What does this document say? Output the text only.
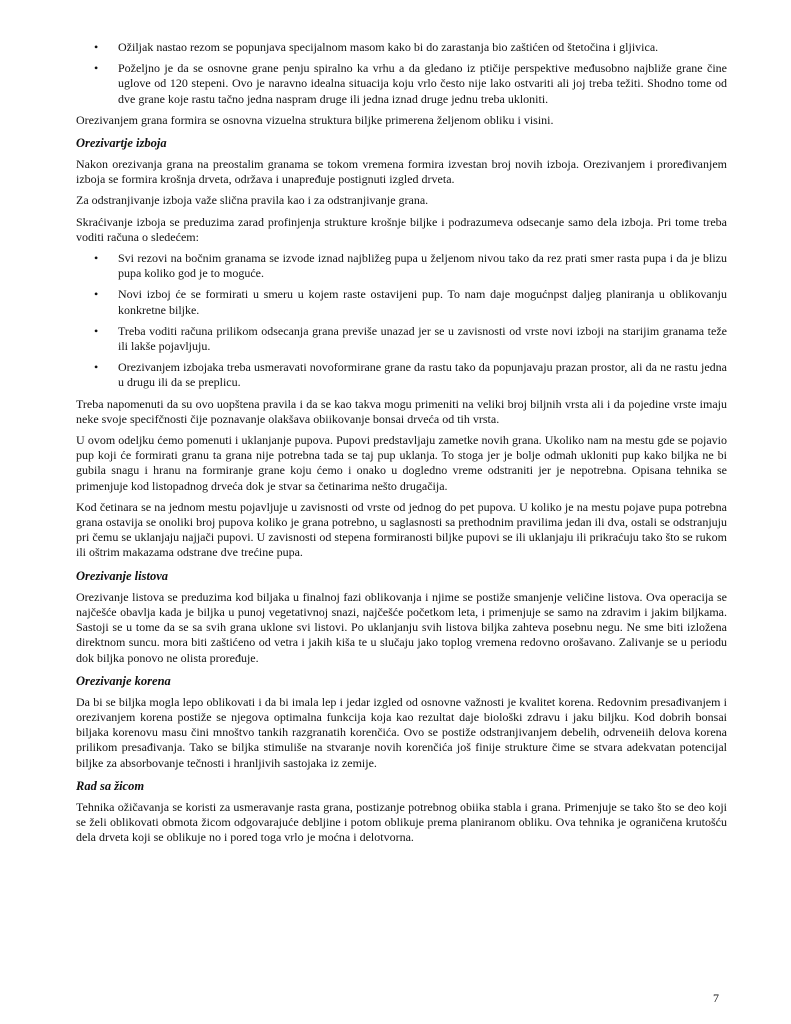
• Ožiljak nastao rezom se popunjava specijalnom masom kako bi do zarastanja bio zaštićen od štetočina i gljivica.
• Poželjno je da se osnovne grane penju spiralno ka vrhu a da gledano iz ptičije perspektive međusobno najbliže grane čine uglove od 120 stepeni. Ovo je naravno idealna situacija koju vrlo često nije lako ostvariti ali joj treba težiti. Shodno tome od dve grane koje rastu tačno jedna naspram druge ili jedna iznad druge jednu treba ukloniti.

Orezivanjem grana formira se osnovna vizuelna struktura biljke primerena željenom obliku i visini.

Orezivartje izboja

Nakon orezivanja grana na preostalim granama se tokom vremena formira izvestan broj novih izboja. Orezivanjem i proređivanjem izboja se formira krošnja drveta, održava i unapređuje postignuti izgled drveta.

Za odstranjivanje izboja važe slična pravila kao i za odstranjivanje grana.

Skraćivanje izboja se preduzima zarad profinjenja strukture krošnje biljke i podrazumeva odsecanje samo dela izboja. Pri tome treba voditi računa o sledećem:

• Svi rezovi na bočnim granama se izvode iznad najbližeg pupa u željenom nivou tako da rez prati smer rasta pupa i da je blizu pupa koliko god je to moguće.
• Novi izboj će se formirati u smeru u kojem raste ostavijeni pup. To nam daje mogućnpst daljeg planiranja u oblikovanju konkretne bilјke.
• Treba voditi računa prilikom odsecanja grana previše unazad jer se u zavisnosti od vrste novi izboji na starijim granama teže ili lakše pojavljuju.
• Orezivanjem izbojaka treba usmeravati novoformirane grane da rastu tako da popunjavaju prazan prostor, ali da ne rastu jedna u drugu ili da se preplicu.

Treba napomenuti da su ovo uopštena pravila i da se kao takva mogu primeniti na veliki broj biljnih vrsta ali i da pojedine vrste imaju neke svoje specifčnosti čije poznavanje olakšava obiikovanje bonsai drveća od tih vrsta.

U ovom odeljku ćemo pomenuti i uklanjanje pupova. Pupovi predstavljaju zametke novih grana. Ukoliko nam na mestu gde se pojavio pup koji će formirati granu ta grana nije potrebna tada se taj pup uklanja. To stoga jer je bolje odmah ukloniti pup kako biljka ne bi gubila snagu i hranu na formiranje grane koju ćemo i onako u dogledno vreme odstraniti jer je nepotrebna. Opisana tehnika se primenjuje kod listopadnog drveća dok je stvar sa četinarima nešto drugačija.

Kod četinara se na jednom mestu pojavljuje u zavisnosti od vrste od jednog do pet pupova. U koliko je na mestu pojave pupa potrebna grana ostavija se onoliki broj pupova koliko je grana potrebno, u saglasnosti sa prethodnim pravilima jedan ili dva, ostali se odstranjuju pri čemu se uklanjaju najjači pupovi. U zavisnosti od stepena formiranosti biljke pupovi se ili uklanjaju ili prikraćuju tako što se rukom ili oštrim makazama odstrane dve trećine pupa.

Orezivanje listova

Orezivanje listova se preduzima kod biljaka u finalnoj fazi oblikovanja i njime se postiže smanjenje veličine listova. Ova operacija se najčešće obavlja kada je biljka u punoj vegetativnoj snazi, najčešće početkom leta, i primenjuje se samo na zdravim i jakim biljkama. Sastoji se u tome da se sa svih grana uklone svi listovi. Po uklanjanju svih listova biljka zahteva posebnu negu. Ne sme biti izložena direktnom suncu. mora biti zaštićeno od vetra i jakih kiša te u slučaju jako toplog vremena redovno orošavano. Zalivanje se u periodu dok biljka ponovo ne olista proređuje.

Orezivanje korena

Da bi se biljka mogla lepo oblikovati i da bi imala lep i jedar izgled od osnovne važnosti je kvalitet korena. Redovnim presađivanjem i orezivanjem korena postiže se njegova optimalna funkcija koja kao rezultat daje biološki zdravu i jaku biljku. Kod dobrih bonsai biljaka korenovu masu čini mnoštvo tankih razgranatih korenčića. Ovo se postiže odstranjivanjem debelih, odrveneiih delova korena prilikom presađivanja. Tako se biljka stimuliše na stvaranje novih korenčića još finije strukture čime se stvara adekvatan potencijal biljke za absorbovanje tečnosti i hranljivih sastojaka iz zemije.

Rad sa žicom

Tehnika ožičavanja se koristi za usmeravanje rasta grana, postizanje potrebnog obiika stabla i grana. Primenjuje se tako što se deo koji se želi oblikovati obmota žicom odgovarajuće debljine i potom oblikuje prema planiranom obliku. Ova tehnika je ograničena krutošću dela drveta koji se oblikuje no i pored toga vrlo je moćna i delotvorna.

7
